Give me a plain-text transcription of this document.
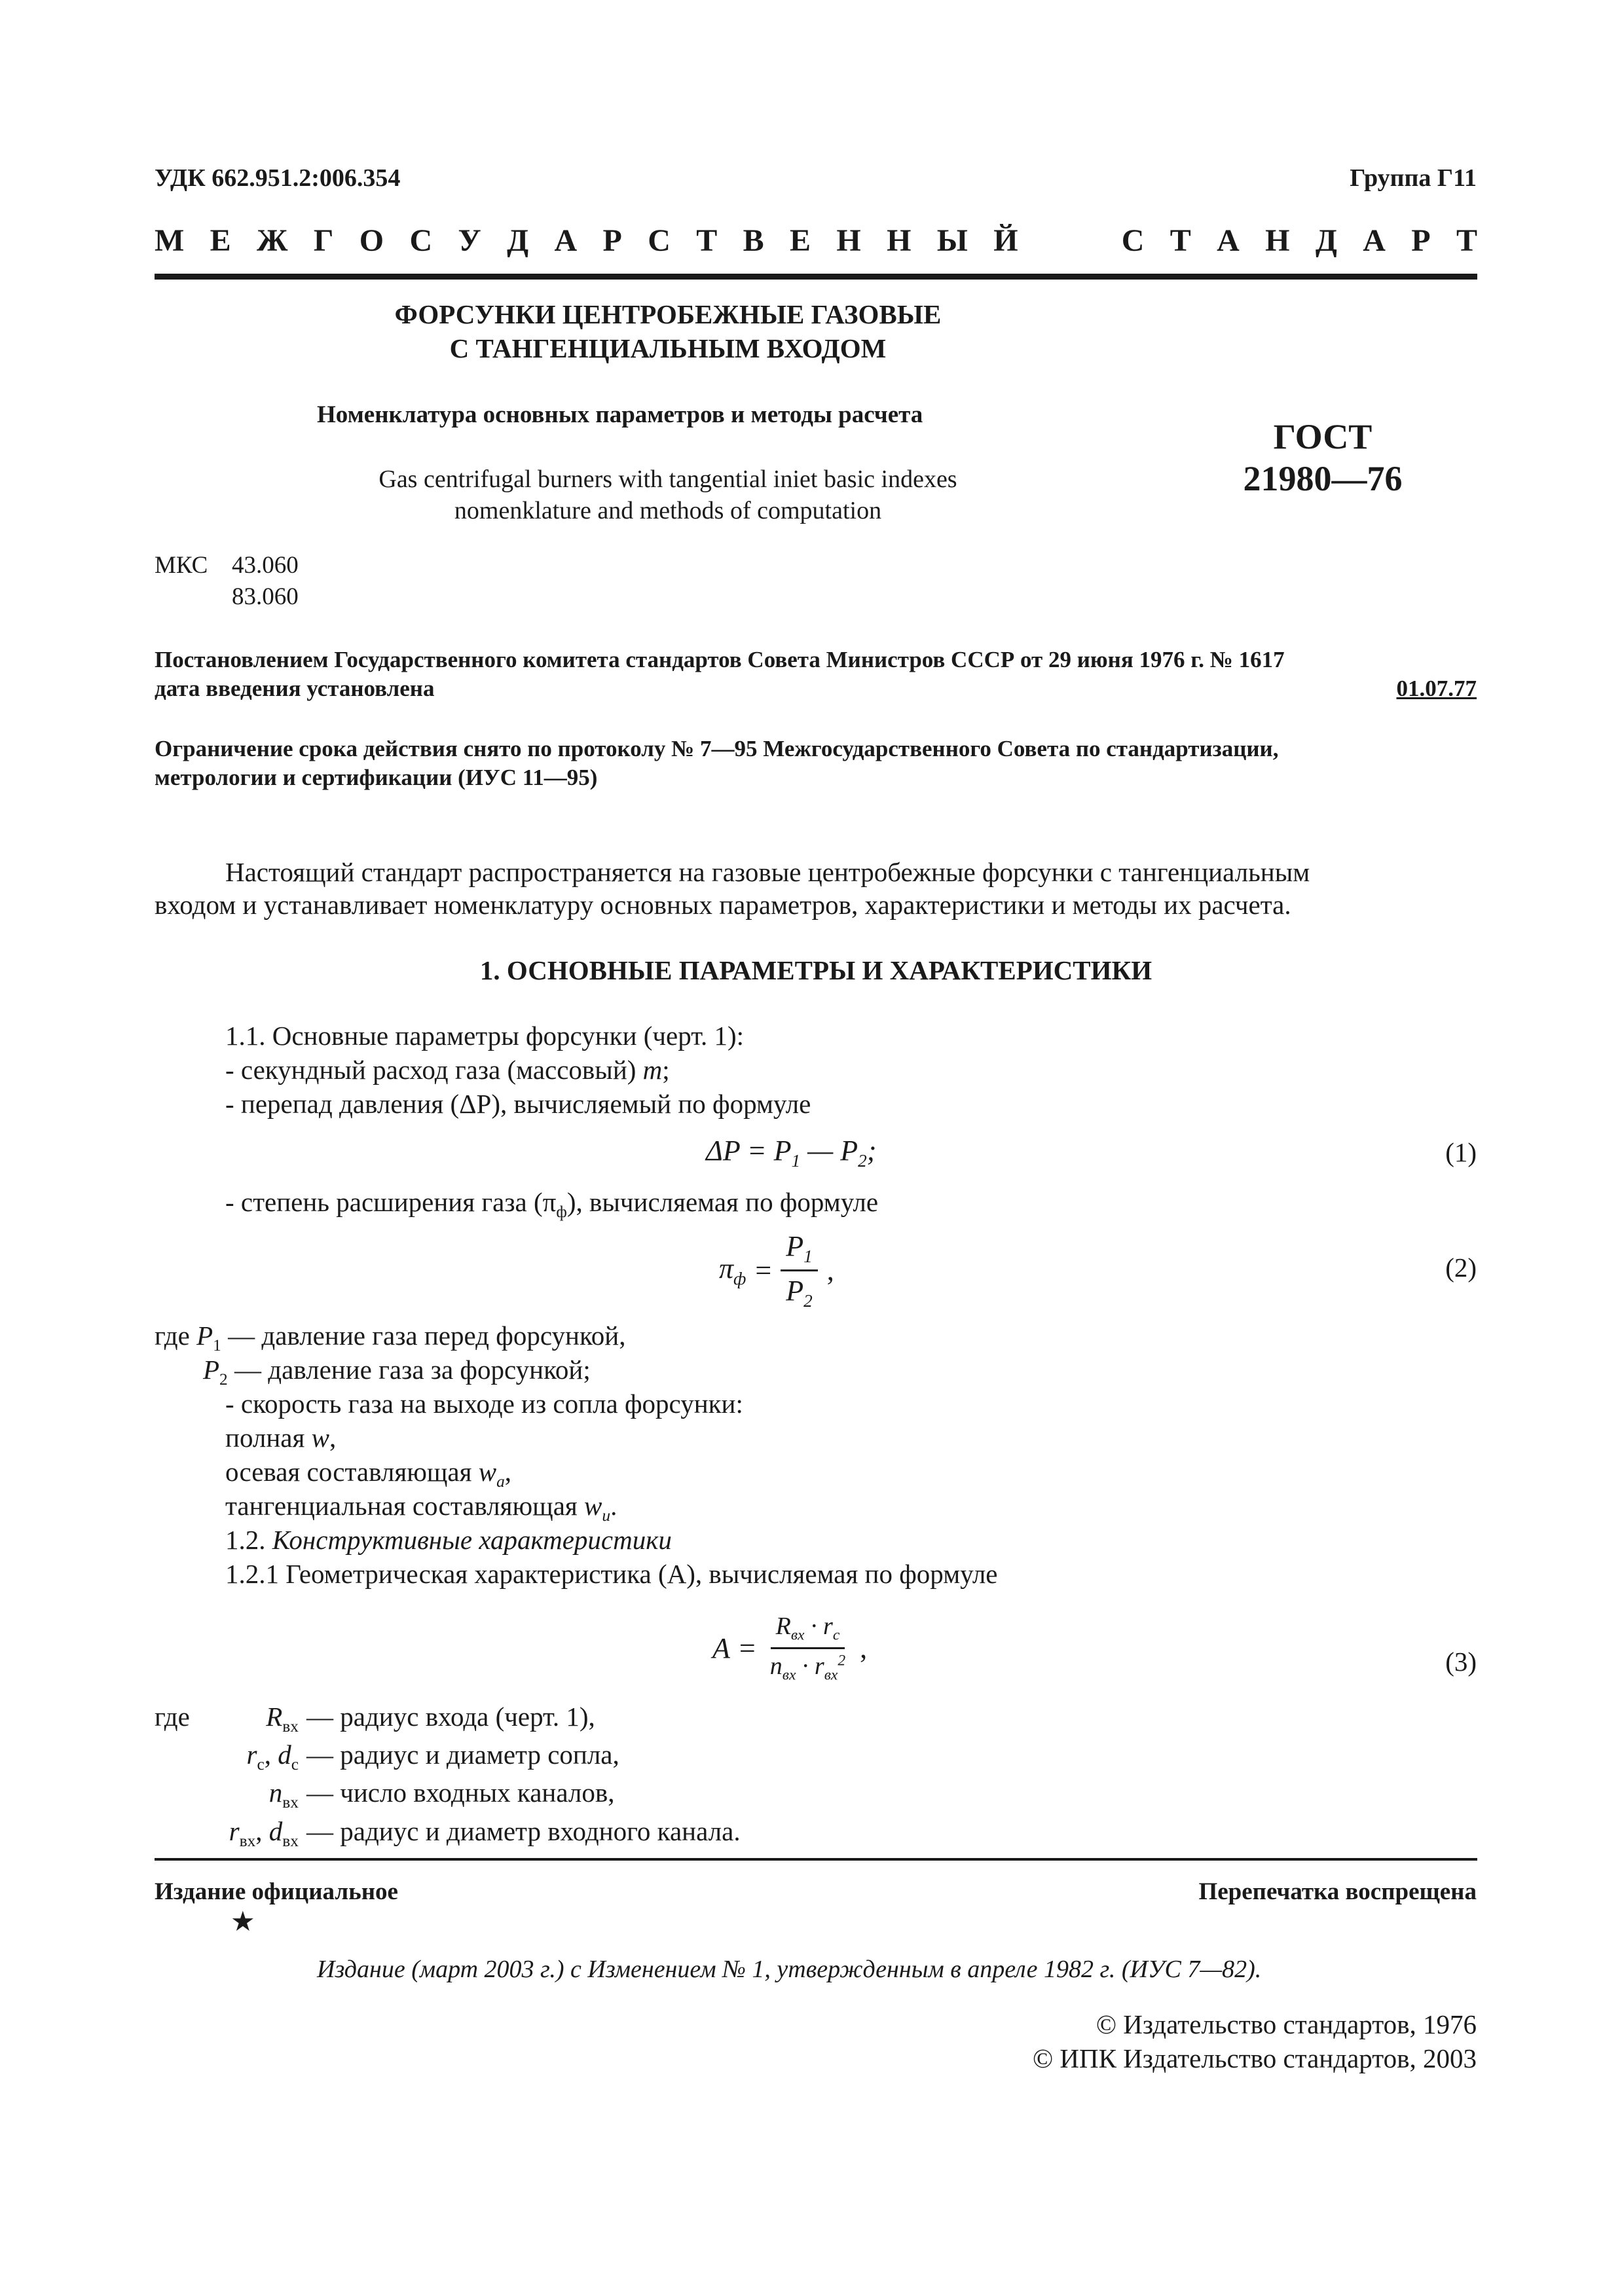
УДК 662.951.2:006.354	Группа Г11
М Е Ж Г О С У Д А Р С Т В Е Н Н Ы Й	С Т А Н Д А Р Т
ФОРСУНКИ ЦЕНТРОБЕЖНЫЕ ГАЗОВЫЕ
С ТАНГЕНЦИАЛЬНЫМ ВХОДОМ
Номенклатура основных параметров и методы расчета
Gas centrifugal burners with tangential iniet basic indexes
nomenklature and methods of computation
ГОСТ
21980—76
МКС 43.060
83.060
Постановлением Государственного комитета стандартов Совета Министров СССР от 29 июня 1976 г. № 1617
дата введения установлена	01.07.77
Ограничение срока действия снято по протоколу № 7—95 Межгосударственного Совета по стандартизации,
метрологии и сертификации (ИУС 11—95)
Настоящий стандарт распространяется на газовые центробежные форсунки с тангенциальным
входом и устанавливает номенклатуру основных параметров, характеристики и методы их расчета.
1. ОСНОВНЫЕ ПАРАМЕТРЫ И ХАРАКТЕРИСТИКИ
1.1. Основные параметры форсунки (черт. 1):
- секундный расход газа (массовый) m;
- перепад давления (ΔP), вычисляемый по формуле
$\Delta P = P_1$ — $P_2$;	(1)
- степень расширения газа $(\pi_ф)$, вычисляемая по формуле
$\pi_ф = \frac{P_1}{P_2}$ ,	(2)
где $P_1$ — давление газа перед форсункой,
$P_2$ — давление газа за форсункой;
- скорость газа на выходе из сопла форсунки:
полная w,
осевая составляющая $w_a$,
тангенциальная составляющая $w_u$.
1.2. Конструктивные характеристики
1.2.1 Геометрическая характеристика (A), вычисляемая по формуле
$A = \frac{R_{вх} \cdot r_c}{n_{вх} \cdot r_{вх}^2}$ ,	(3)
где	$R_{вх}$	— радиус входа (черт. 1),
$r_c$, $d_c$	— радиус и диаметр сопла,
$n_{вх}$	— число входных каналов,
$r_{вх}$, $d_{вх}$	— радиус и диаметр входного канала.
Издание официальное	Перепечатка воспрещена
★
Издание (март 2003 г.) с Изменением № 1, утвержденным в апреле 1982 г. (ИУС 7—82).
© Издательство стандартов, 1976
© ИПК Издательство стандартов, 2003
